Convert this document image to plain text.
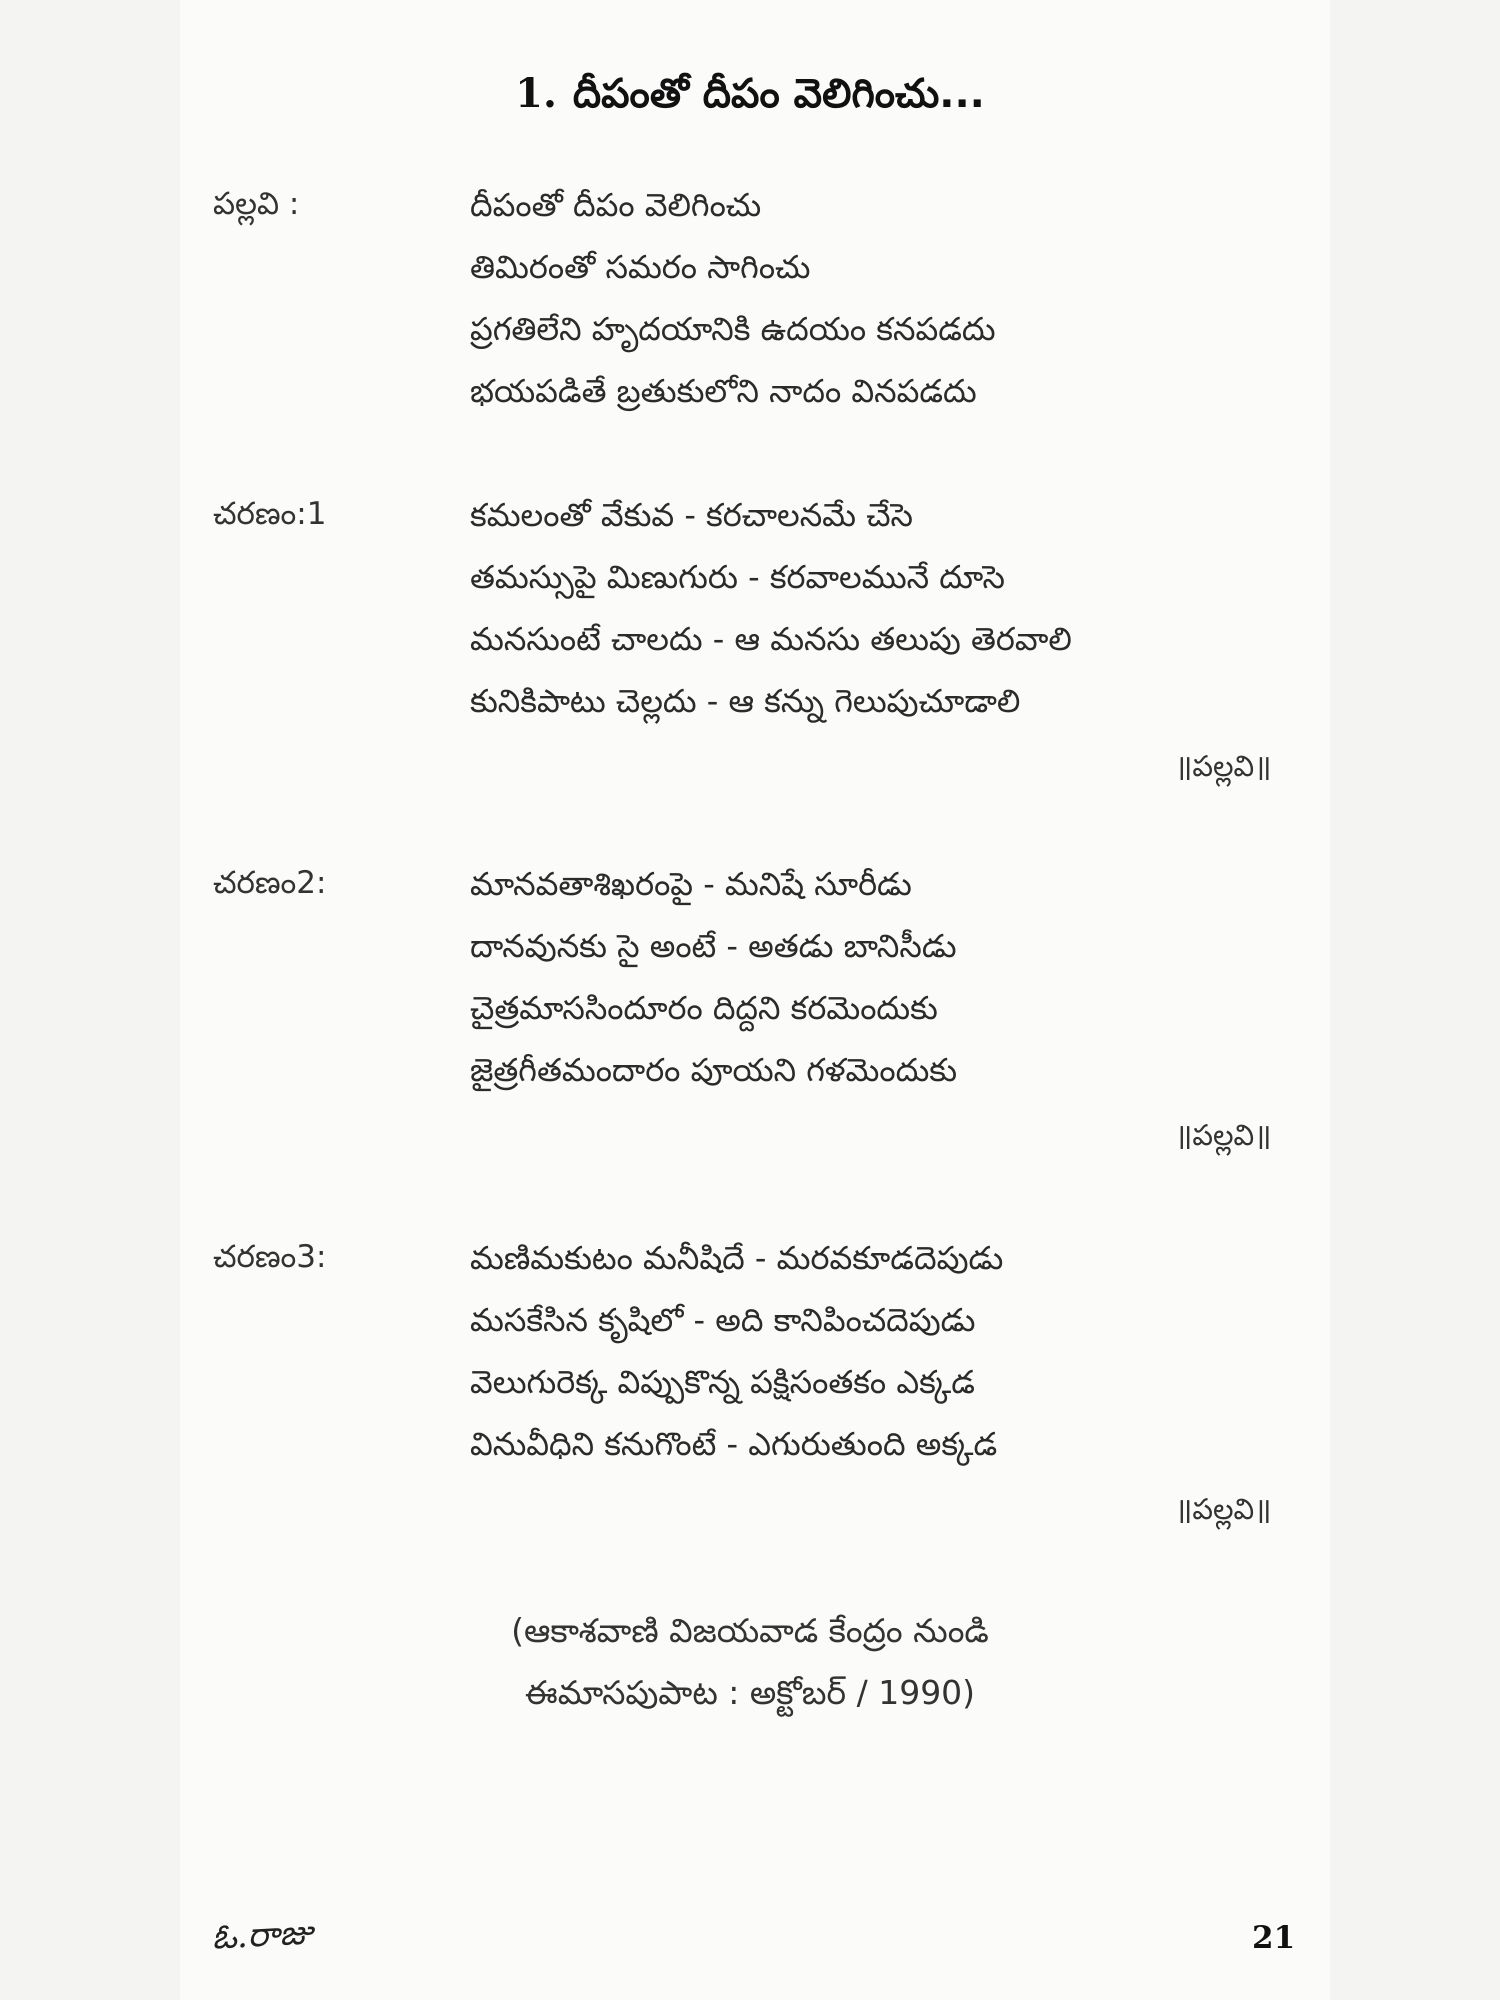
1. దీపంతో దీపం వెలిగించు...
పల్లవి :	దీపంతో దీపం వెలిగించు
తిమిరంతో సమరం సాగించు
ప్రగతిలేని హృదయానికి ఉదయం కనపడదు
భయపడితే బ్రతుకులోని నాదం వినపడదు
చరణం:1	కమలంతో వేకువ - కరచాలనమే చేసె
తమస్సుపై మిణుగురు - కరవాలమునే దూసె
మనసుంటే చాలదు - ఆ మనసు తలుపు తెరవాలి
కునికిపాటు చెల్లదు - ఆ కన్ను గెలుపుచూడాలి
॥పల్లవి॥
చరణం2:	మానవతాశిఖరంపై - మనిషే సూరీడు
దానవునకు సై అంటే - అతడు బానిసీడు
చైత్రమాససిందూరం దిద్దని కరమెందుకు
జైత్రగీతమందారం పూయని గళమెందుకు
॥పల్లవి॥
చరణం3:	మణిమకుటం మనీషిదే - మరవకూడదెపుడు
మసకేసిన కృషిలో - అది కానిపించదెపుడు
వెలుగురెక్క విప్పుకొన్న పక్షిసంతకం ఎక్కడ
వినువీధిని కనుగొంటే - ఎగురుతుంది అక్కడ
॥పల్లవి॥
(ఆకాశవాణి విజయవాడ కేంద్రం నుండి
ఈమాసపుపాట : అక్టోబర్ / 1990)
ఓ.రాజు	21
